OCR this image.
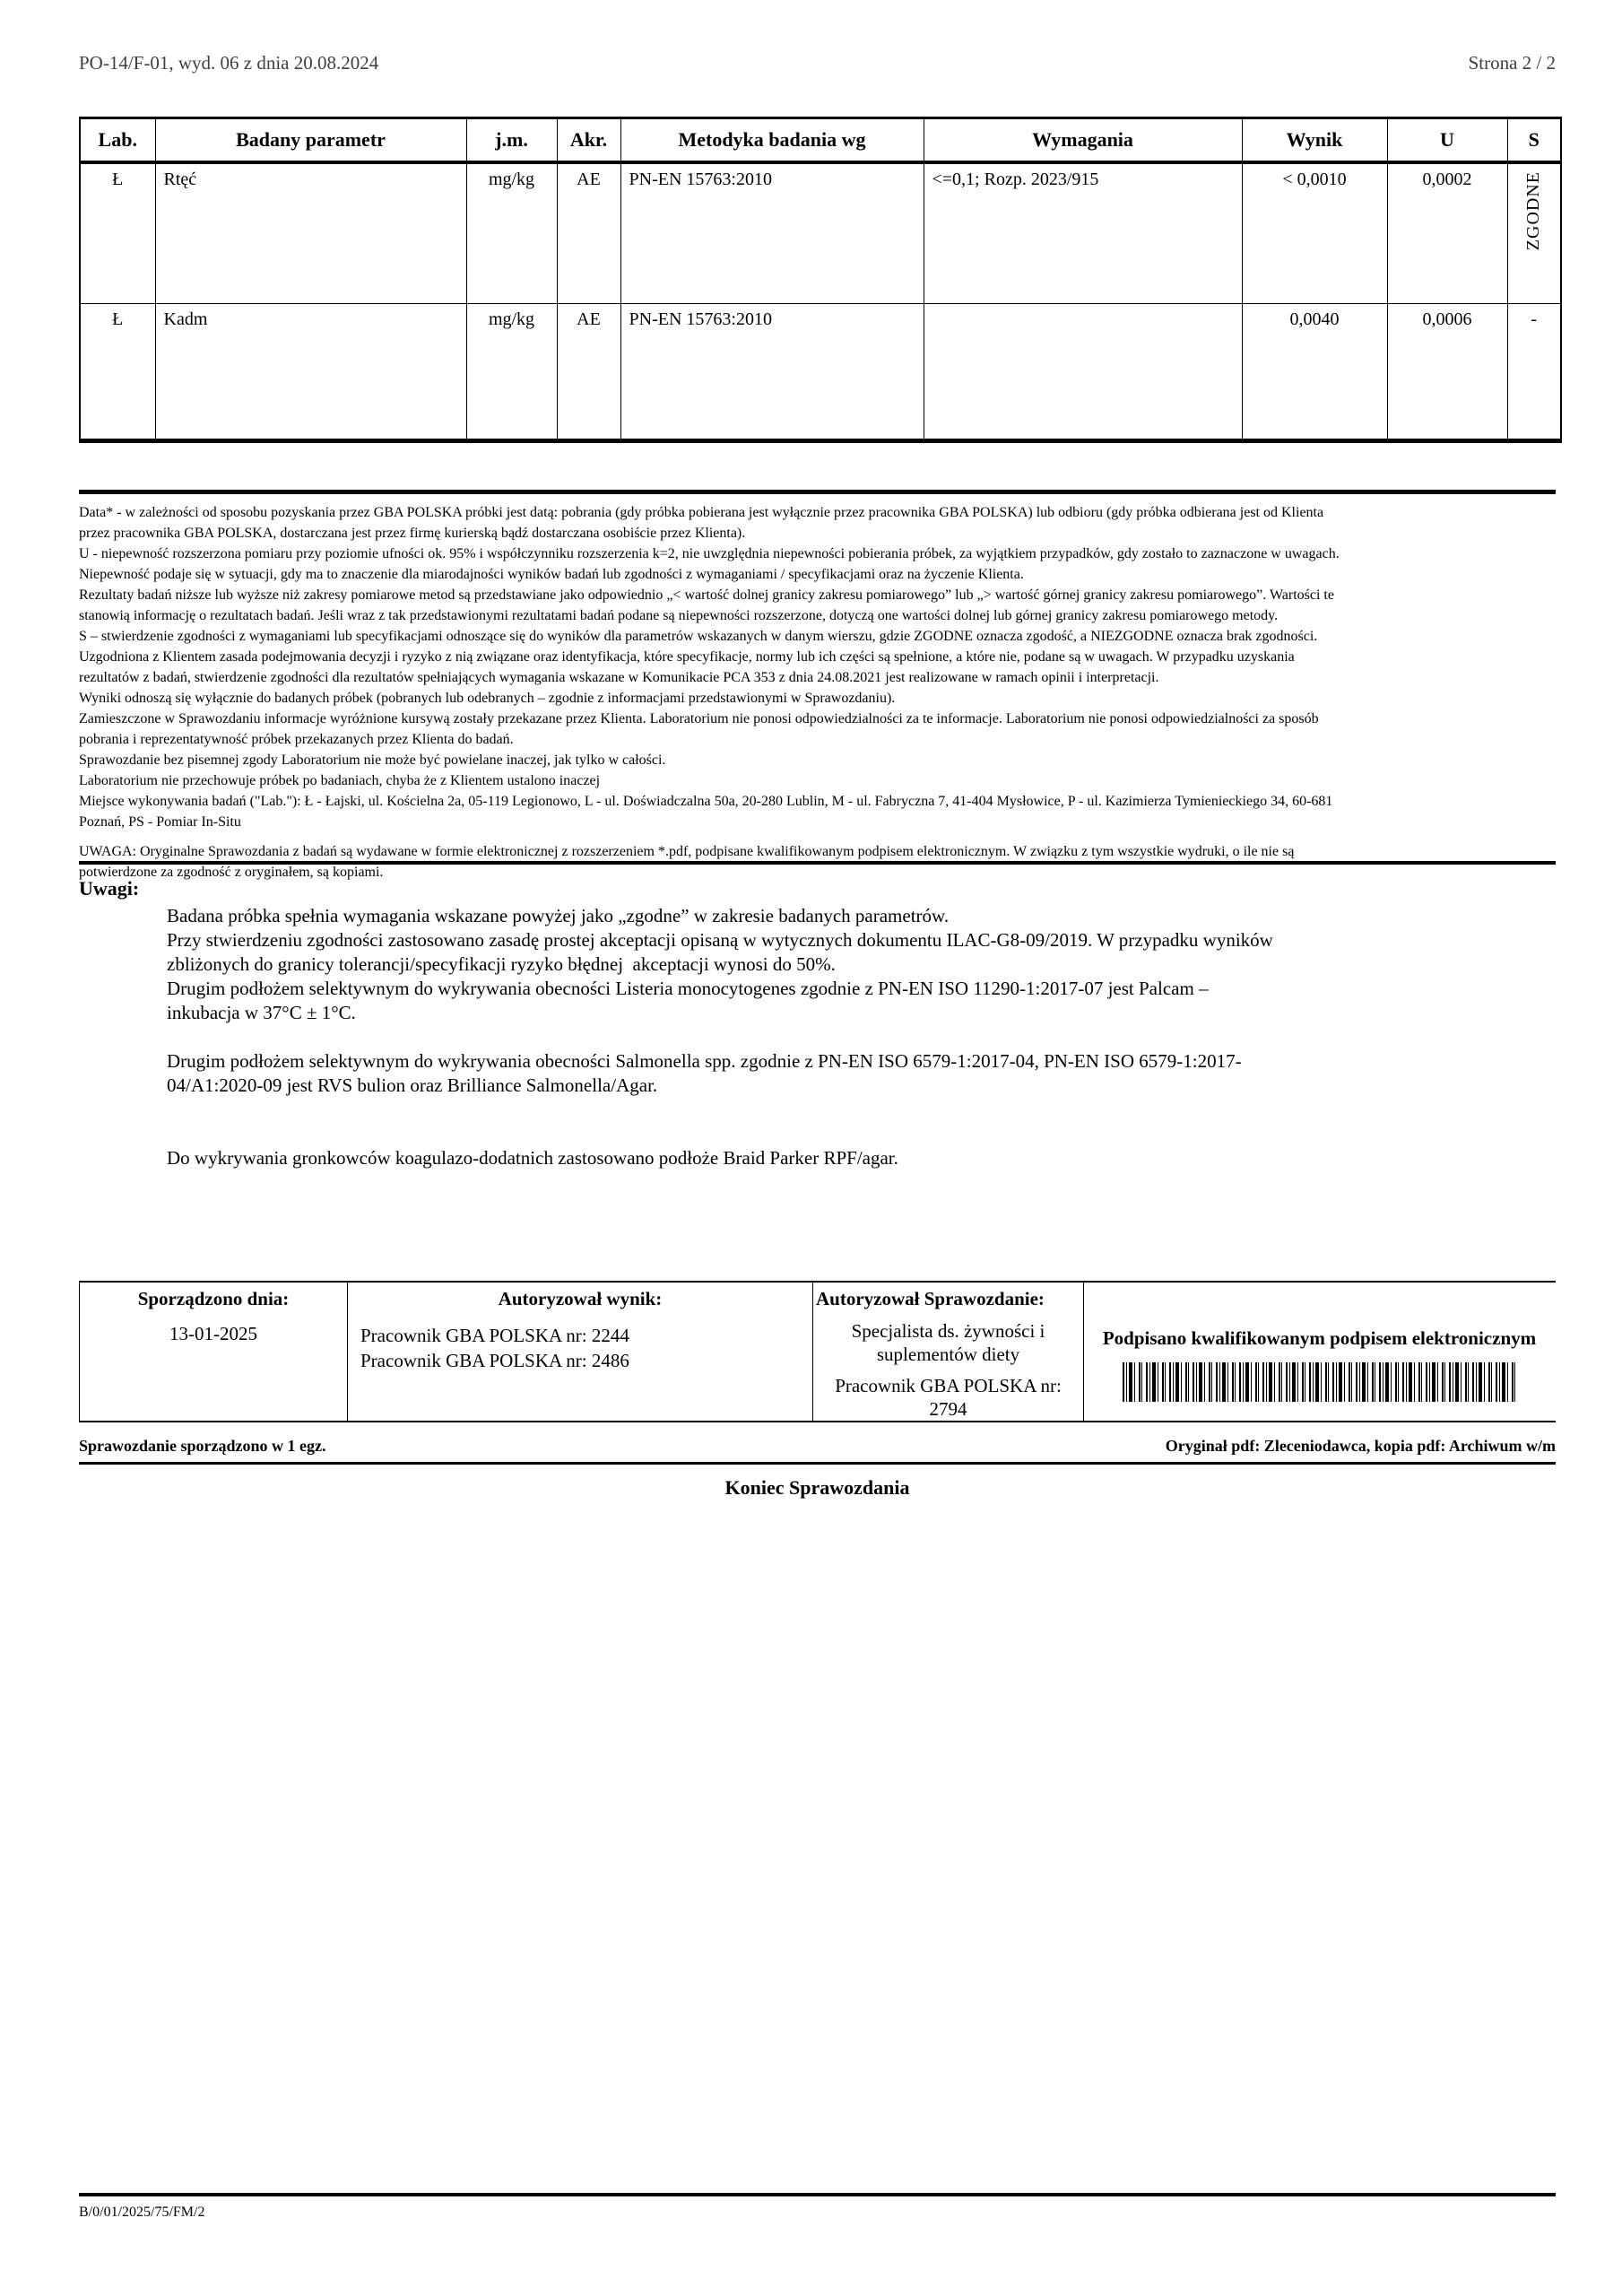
PO-14/F-01, wyd. 06 z dnia 20.08.2024	Strona 2 / 2
Lab.	Badany parametr	j.m.	Akr.	Metodyka badania wg	Wymagania	Wynik	U	S
Ł	Rtęć	mg/kg	AE	PN-EN 15763:2010	<=0,1; Rozp. 2023/915	< 0,0010	0,0002	ZGODNE

Ł	Kadm	mg/kg	AE	PN-EN 15763:2010		0,0040	0,0006	-
Data* - w zależności od sposobu pozyskania przez GBA POLSKA próbki jest datą: pobrania (gdy próbka pobierana jest wyłącznie przez pracownika GBA POLSKA) lub odbioru (gdy próbka odbierana jest od Klienta
przez pracownika GBA POLSKA, dostarczana jest przez firmę kurierską bądź dostarczana osobiście przez Klienta).
U - niepewność rozszerzona pomiaru przy poziomie ufności ok. 95% i współczynniku rozszerzenia k=2, nie uwzględnia niepewności pobierania próbek, za wyjątkiem przypadków, gdy zostało to zaznaczone w uwagach.
Niepewność podaje się w sytuacji, gdy ma to znaczenie dla miarodajności wyników badań lub zgodności z wymaganiami / specyfikacjami oraz na życzenie Klienta.
Rezultaty badań niższe lub wyższe niż zakresy pomiarowe metod są przedstawiane jako odpowiednio „< wartość dolnej granicy zakresu pomiarowego” lub „> wartość górnej granicy zakresu pomiarowego”. Wartości te
stanowią informację o rezultatach badań. Jeśli wraz z tak przedstawionymi rezultatami badań podane są niepewności rozszerzone, dotyczą one wartości dolnej lub górnej granicy zakresu pomiarowego metody.
S – stwierdzenie zgodności z wymaganiami lub specyfikacjami odnoszące się do wyników dla parametrów wskazanych w danym wierszu, gdzie ZGODNE oznacza zgodość, a NIEZGODNE oznacza brak zgodności.
Uzgodniona z Klientem zasada podejmowania decyzji i ryzyko z nią związane oraz identyfikacja, które specyfikacje, normy lub ich części są spełnione, a które nie, podane są w uwagach. W przypadku uzyskania
rezultatów z badań, stwierdzenie zgodności dla rezultatów spełniających wymagania wskazane w Komunikacie PCA 353 z dnia 24.08.2021 jest realizowane w ramach opinii i interpretacji.
Wyniki odnoszą się wyłącznie do badanych próbek (pobranych lub odebranych – zgodnie z informacjami przedstawionymi w Sprawozdaniu).
Zamieszczone w Sprawozdaniu informacje wyróżnione kursywą zostały przekazane przez Klienta. Laboratorium nie ponosi odpowiedzialności za te informacje. Laboratorium nie ponosi odpowiedzialności za sposób
pobrania i reprezentatywność próbek przekazanych przez Klienta do badań.
Sprawozdanie bez pisemnej zgody Laboratorium nie może być powielane inaczej, jak tylko w całości.
Laboratorium nie przechowuje próbek po badaniach, chyba że z Klientem ustalono inaczej
Miejsce wykonywania badań ("Lab."): Ł - Łajski, ul. Kościelna 2a, 05-119 Legionowo, L - ul. Doświadczalna 50a, 20-280 Lublin, M - ul. Fabryczna 7, 41-404 Mysłowice, P - ul. Kazimierza Tymienieckiego 34, 60-681
Poznań, PS - Pomiar In-Situ
UWAGA: Oryginalne Sprawozdania z badań są wydawane w formie elektronicznej z rozszerzeniem *.pdf, podpisane kwalifikowanym podpisem elektronicznym. W związku z tym wszystkie wydruki, o ile nie są
potwierdzone za zgodność z oryginałem, są kopiami.
Uwagi:
Badana próbka spełnia wymagania wskazane powyżej jako „zgodne” w zakresie badanych parametrów.
Przy stwierdzeniu zgodności zastosowano zasadę prostej akceptacji opisaną w wytycznych dokumentu ILAC-G8-09/2019. W przypadku wyników
zbliżonych do granicy tolerancji/specyfikacji ryzyko błędnej  akceptacji wynosi do 50%.
Drugim podłożem selektywnym do wykrywania obecności Listeria monocytogenes zgodnie z PN-EN ISO 11290-1:2017-07 jest Palcam –
inkubacja w 37°C ± 1°C.
Drugim podłożem selektywnym do wykrywania obecności Salmonella spp. zgodnie z PN-EN ISO 6579-1:2017-04, PN-EN ISO 6579-1:2017-
04/A1:2020-09 jest RVS bulion oraz Brilliance Salmonella/Agar.
Do wykrywania gronkowców koagulazo-dodatnich zastosowano podłoże Braid Parker RPF/agar.
Sporządzono dnia:
13-01-2025
Autoryzował wynik:
Pracownik GBA POLSKA nr: 2244
Pracownik GBA POLSKA nr: 2486
Autoryzował Sprawozdanie:
Specjalista ds. żywności i
suplementów diety
Pracownik GBA POLSKA nr:
2794
Podpisano kwalifikowanym podpisem elektronicznym
Sprawozdanie sporządzono w 1 egz.	Oryginał pdf: Zleceniodawca, kopia pdf: Archiwum w/m
Koniec Sprawozdania
B/0/01/2025/75/FM/2
